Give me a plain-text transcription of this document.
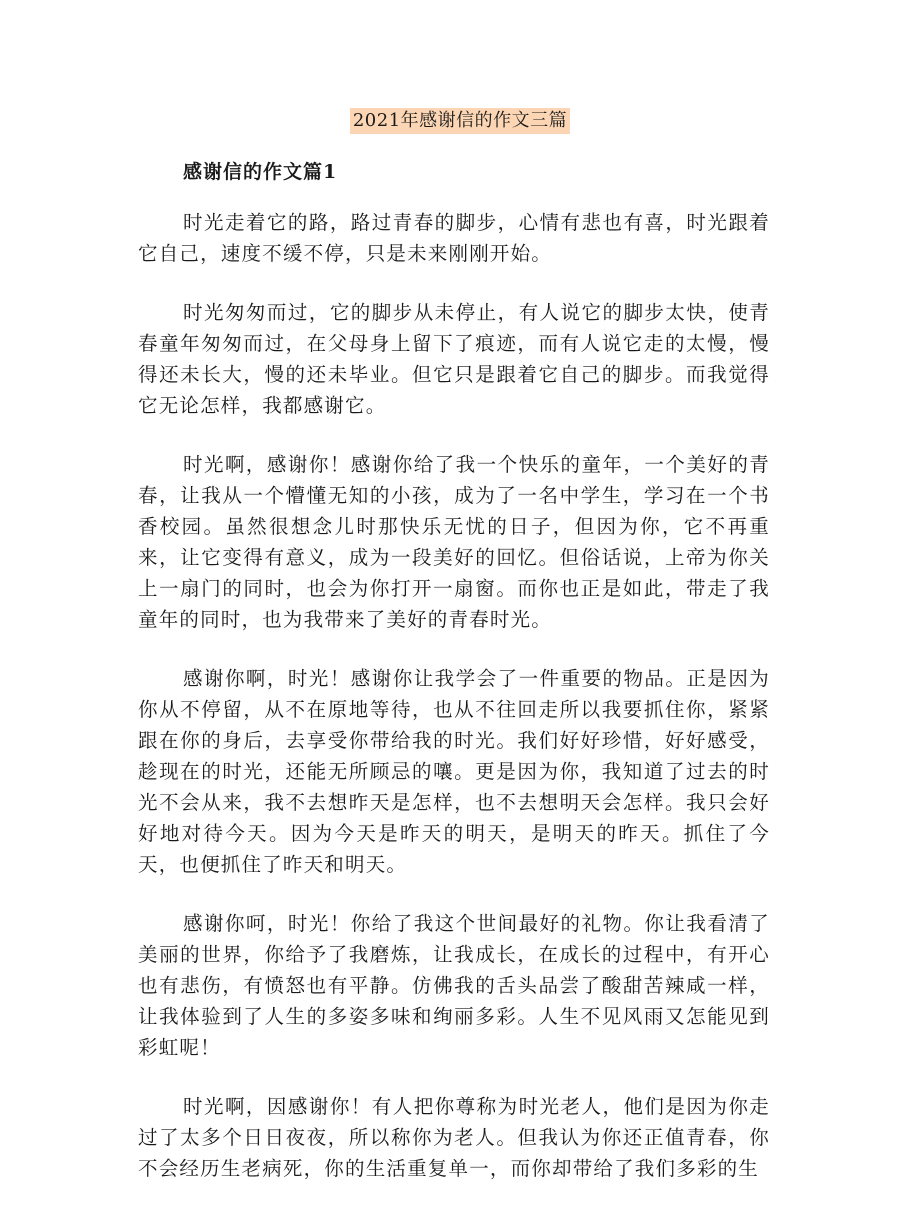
2021年感谢信的作文三篇
感谢信的作文篇1

时光走着它的路，路过青春的脚步，心情有悲也有喜，时光跟着它自己，速度不缓不停，只是未来刚刚开始。

时光匆匆而过，它的脚步从未停止，有人说它的脚步太快，使青春童年匆匆而过，在父母身上留下了痕迹，而有人说它走的太慢，慢得还未长大，慢的还未毕业。但它只是跟着它自己的脚步。而我觉得它无论怎样，我都感谢它。

时光啊，感谢你！感谢你给了我一个快乐的童年，一个美好的青春，让我从一个懵懂无知的小孩，成为了一名中学生，学习在一个书香校园。虽然很想念儿时那快乐无忧的日子，但因为你，它不再重来，让它变得有意义，成为一段美好的回忆。但俗话说，上帝为你关上一扇门的同时，也会为你打开一扇窗。而你也正是如此，带走了我童年的同时，也为我带来了美好的青春时光。

感谢你啊，时光！感谢你让我学会了一件重要的物品。正是因为你从不停留，从不在原地等待，也从不往回走所以我要抓住你，紧紧跟在你的身后，去享受你带给我的时光。我们好好珍惜，好好感受，趁现在的时光，还能无所顾忌的嚷。更是因为你，我知道了过去的时光不会从来，我不去想昨天是怎样，也不去想明天会怎样。我只会好好地对待今天。因为今天是昨天的明天，是明天的昨天。抓住了今天，也便抓住了昨天和明天。

感谢你呵，时光！你给了我这个世间最好的礼物。你让我看清了美丽的世界，你给予了我磨炼，让我成长，在成长的过程中，有开心也有悲伤，有愤怒也有平静。仿佛我的舌头品尝了酸甜苦辣咸一样，让我体验到了人生的多姿多味和绚丽多彩。人生不见风雨又怎能见到彩虹呢！

时光啊，因感谢你！有人把你尊称为时光老人，他们是因为你走过了太多个日日夜夜，所以称你为老人。但我认为你还正值青春，你不会经历生老病死，你的生活重复单一，而你却带给了我们多彩的生
